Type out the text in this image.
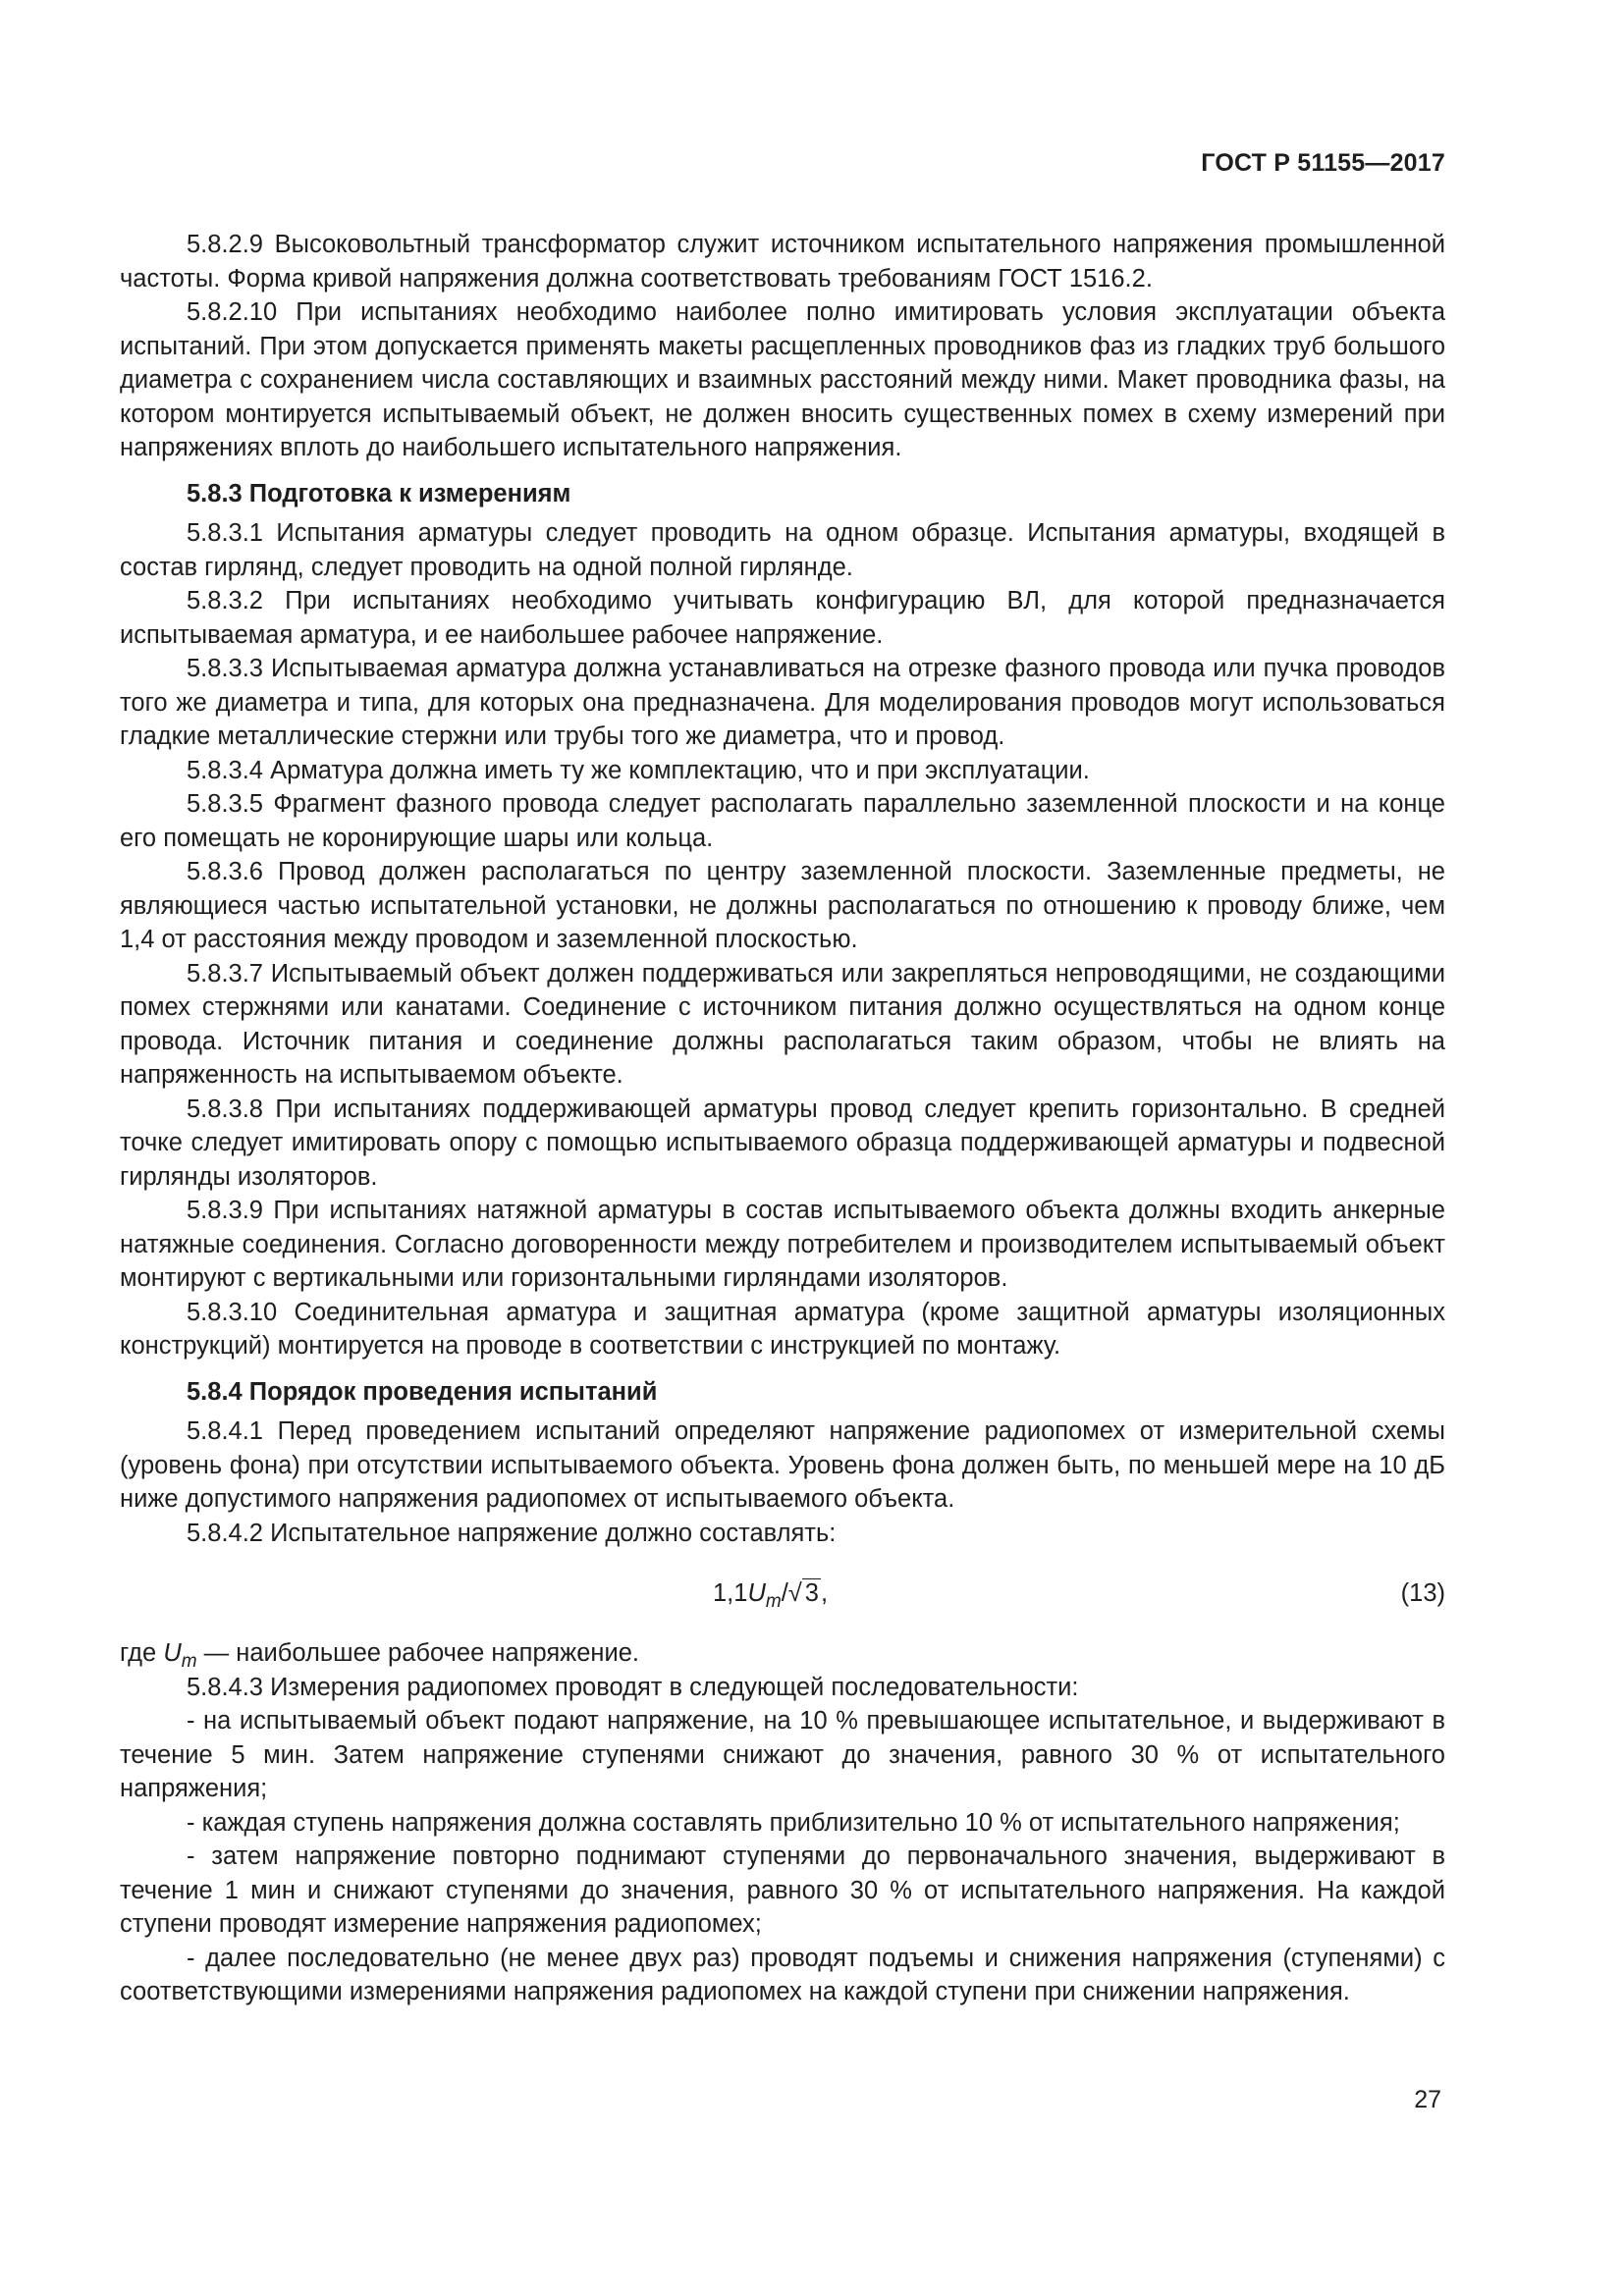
ГОСТ Р 51155—2017

5.8.2.9 Высоковольтный трансформатор служит источником испытательного напряжения промышленной частоты. Форма кривой напряжения должна соответствовать требованиям ГОСТ 1516.2.

5.8.2.10 При испытаниях необходимо наиболее полно имитировать условия эксплуатации объекта испытаний. При этом допускается применять макеты расщепленных проводников фаз из гладких труб большого диаметра с сохранением числа составляющих и взаимных расстояний между ними. Макет проводника фазы, на котором монтируется испытываемый объект, не должен вносить существенных помех в схему измерений при напряжениях вплоть до наибольшего испытательного напряжения.

5.8.3 Подготовка к измерениям

5.8.3.1 Испытания арматуры следует проводить на одном образце. Испытания арматуры, входящей в состав гирлянд, следует проводить на одной полной гирлянде.

5.8.3.2 При испытаниях необходимо учитывать конфигурацию ВЛ, для которой предназначается испытываемая арматура, и ее наибольшее рабочее напряжение.

5.8.3.3 Испытываемая арматура должна устанавливаться на отрезке фазного провода или пучка проводов того же диаметра и типа, для которых она предназначена. Для моделирования проводов могут использоваться гладкие металлические стержни или трубы того же диаметра, что и провод.

5.8.3.4 Арматура должна иметь ту же комплектацию, что и при эксплуатации.

5.8.3.5 Фрагмент фазного провода следует располагать параллельно заземленной плоскости и на конце его помещать не коронирующие шары или кольца.

5.8.3.6 Провод должен располагаться по центру заземленной плоскости. Заземленные предметы, не являющиеся частью испытательной установки, не должны располагаться по отношению к проводу ближе, чем 1,4 от расстояния между проводом и заземленной плоскостью.

5.8.3.7 Испытываемый объект должен поддерживаться или закрепляться непроводящими, не создающими помех стержнями или канатами. Соединение с источником питания должно осуществляться на одном конце провода. Источник питания и соединение должны располагаться таким образом, чтобы не влиять на напряженность на испытываемом объекте.

5.8.3.8 При испытаниях поддерживающей арматуры провод следует крепить горизонтально. В средней точке следует имитировать опору с помощью испытываемого образца поддерживающей арматуры и подвесной гирлянды изоляторов.

5.8.3.9 При испытаниях натяжной арматуры в состав испытываемого объекта должны входить анкерные натяжные соединения. Согласно договоренности между потребителем и производителем испытываемый объект монтируют с вертикальными или горизонтальными гирляндами изоляторов.

5.8.3.10 Соединительная арматура и защитная арматура (кроме защитной арматуры изоляционных конструкций) монтируется на проводе в соответствии с инструкцией по монтажу.

5.8.4 Порядок проведения испытаний

5.8.4.1 Перед проведением испытаний определяют напряжение радиопомех от измерительной схемы (уровень фона) при отсутствии испытываемого объекта. Уровень фона должен быть, по меньшей мере на 10 дБ ниже допустимого напряжения радиопомех от испытываемого объекта.

5.8.4.2 Испытательное напряжение должно составлять:

$1,1U_m/√$ 3,	(13)

где $U_m$ — наибольшее рабочее напряжение.

5.8.4.3 Измерения радиопомех проводят в следующей последовательности:

- на испытываемый объект подают напряжение, на 10 % превышающее испытательное, и выдерживают в течение 5 мин. Затем напряжение ступенями снижают до значения, равного 30 % от испытательного напряжения;

- каждая ступень напряжения должна составлять приблизительно 10 % от испытательного напряжения;

- затем напряжение повторно поднимают ступенями до первоначального значения, выдерживают в течение 1 мин и снижают ступенями до значения, равного 30 % от испытательного напряжения. На каждой ступени проводят измерение напряжения радиопомех;

- далее последовательно (не менее двух раз) проводят подъемы и снижения напряжения (ступенями) с соответствующими измерениями напряжения радиопомех на каждой ступени при снижении напряжения.

27
